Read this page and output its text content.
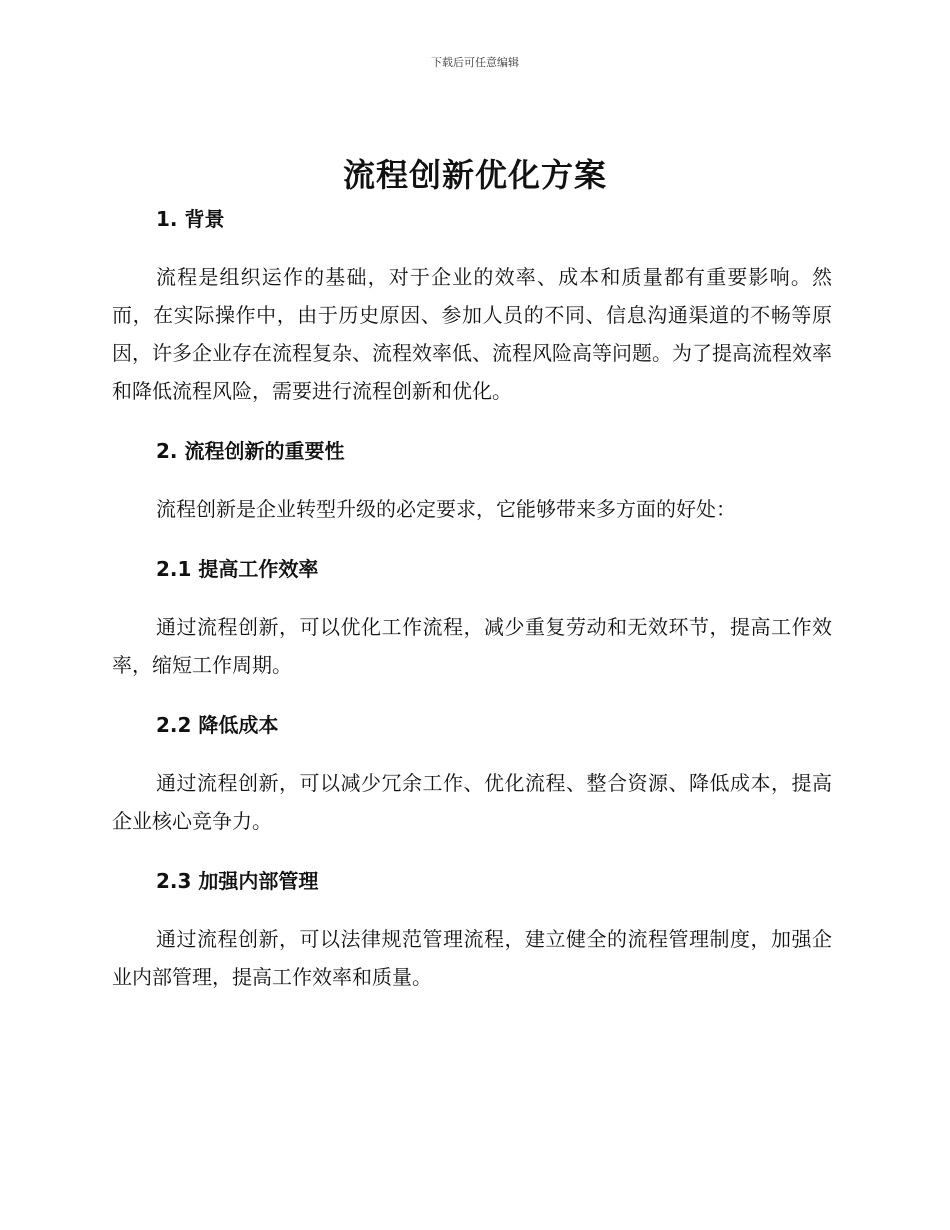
下载后可任意编辑
流程创新优化方案
1. 背景

流程是组织运作的基础，对于企业的效率、成本和质量都有重要影响。然而，在实际操作中，由于历史原因、参加人员的不同、信息沟通渠道的不畅等原因，许多企业存在流程复杂、流程效率低、流程风险高等问题。为了提高流程效率和降低流程风险，需要进行流程创新和优化。

2. 流程创新的重要性

流程创新是企业转型升级的必定要求，它能够带来多方面的好处：

2.1 提高工作效率

通过流程创新，可以优化工作流程，减少重复劳动和无效环节，提高工作效率，缩短工作周期。

2.2 降低成本

通过流程创新，可以减少冗余工作、优化流程、整合资源、降低成本，提高企业核心竞争力。

2.3 加强内部管理

通过流程创新，可以法律规范管理流程，建立健全的流程管理制度，加强企业内部管理，提高工作效率和质量。
